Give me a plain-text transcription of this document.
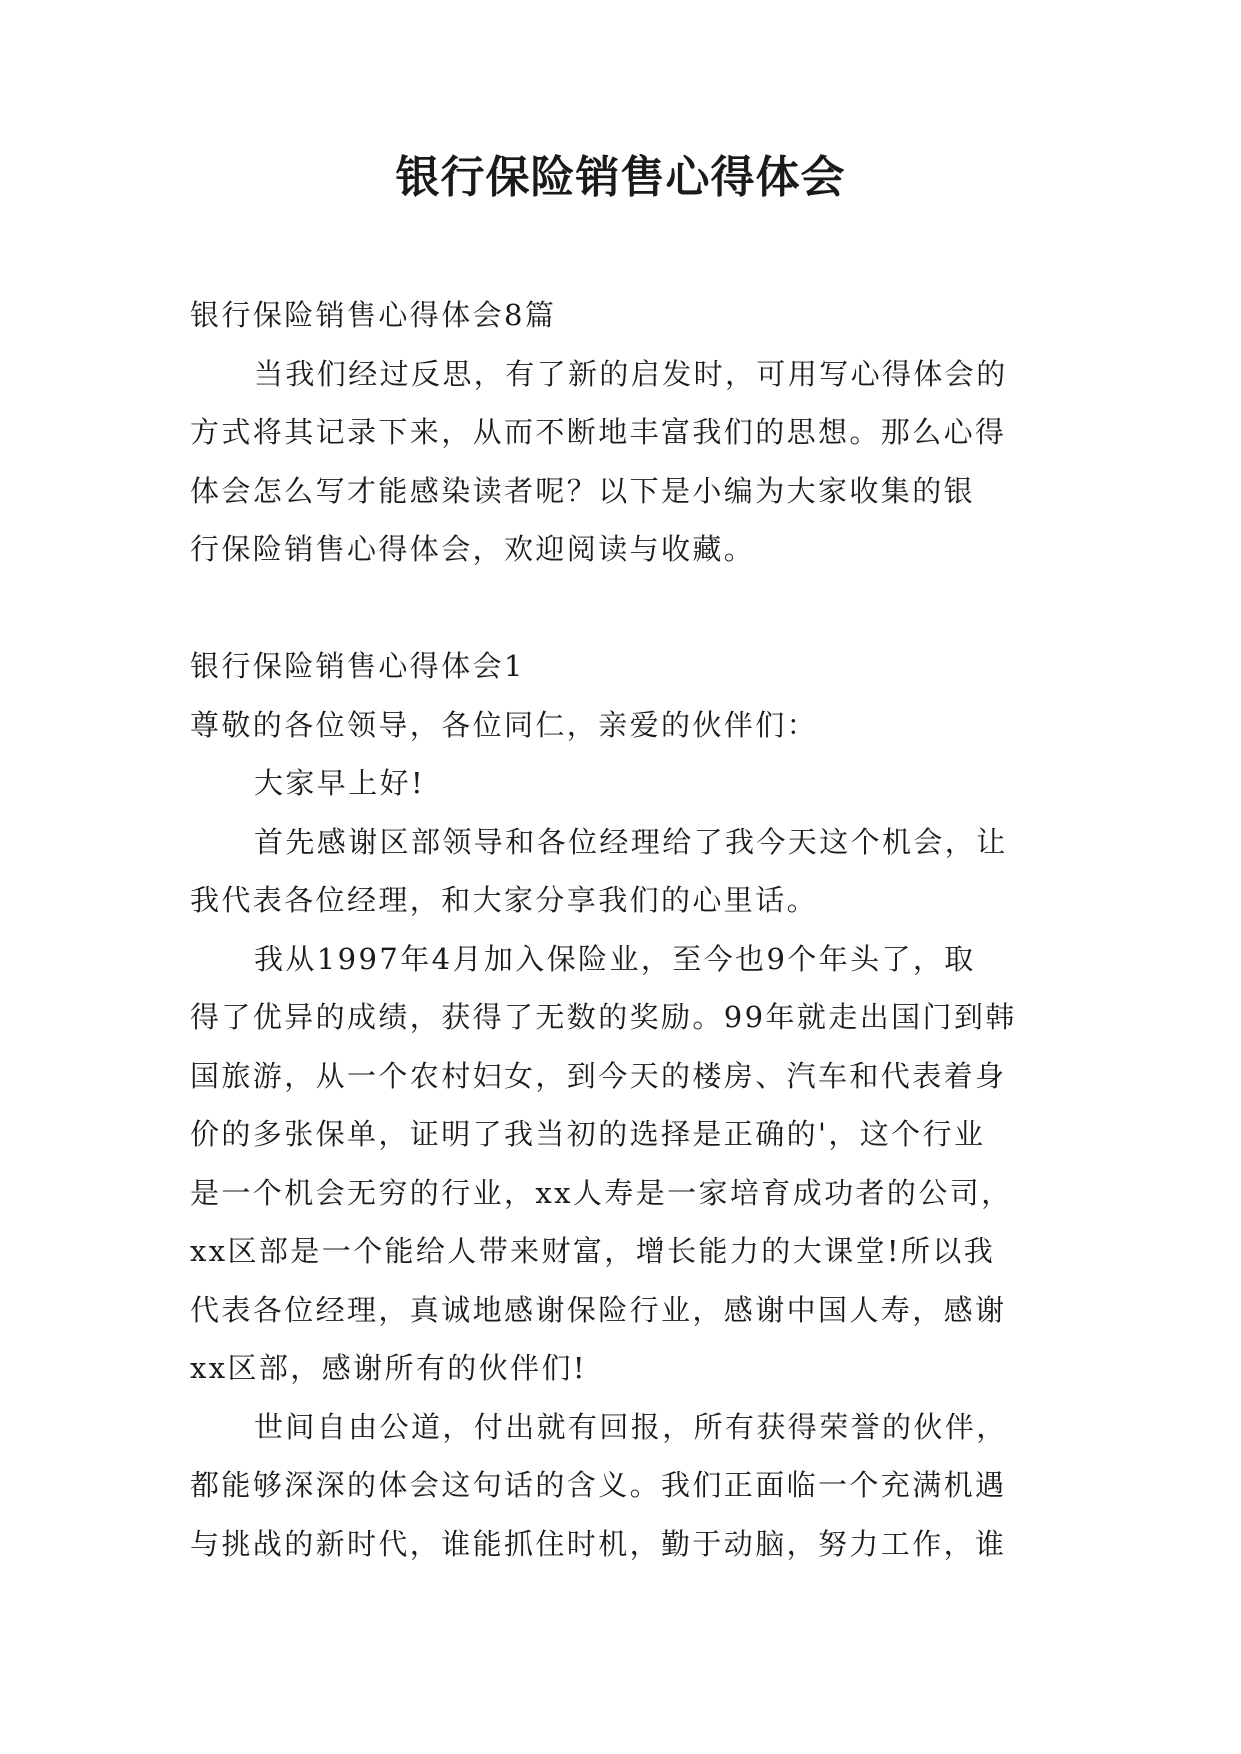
银行保险销售心得体会
银行保险销售心得体会8篇
当我们经过反思，有了新的启发时，可用写心得体会的
方式将其记录下来，从而不断地丰富我们的思想。那么心得
体会怎么写才能感染读者呢？以下是小编为大家收集的银
行保险销售心得体会，欢迎阅读与收藏。
银行保险销售心得体会1
尊敬的各位领导，各位同仁，亲爱的伙伴们：
大家早上好!
首先感谢区部领导和各位经理给了我今天这个机会，让
我代表各位经理，和大家分享我们的心里话。
我从1997年4月加入保险业，至今也9个年头了，取
得了优异的成绩，获得了无数的奖励。99年就走出国门到韩
国旅游，从一个农村妇女，到今天的楼房、汽车和代表着身
价的多张保单，证明了我当初的选择是正确的'，这个行业
是一个机会无穷的行业，xx人寿是一家培育成功者的公司，
xx区部是一个能给人带来财富，增长能力的大课堂!所以我
代表各位经理，真诚地感谢保险行业，感谢中国人寿，感谢
xx区部，感谢所有的伙伴们!
世间自由公道，付出就有回报，所有获得荣誉的伙伴，
都能够深深的体会这句话的含义。我们正面临一个充满机遇
与挑战的新时代，谁能抓住时机，勤于动脑，努力工作，谁
